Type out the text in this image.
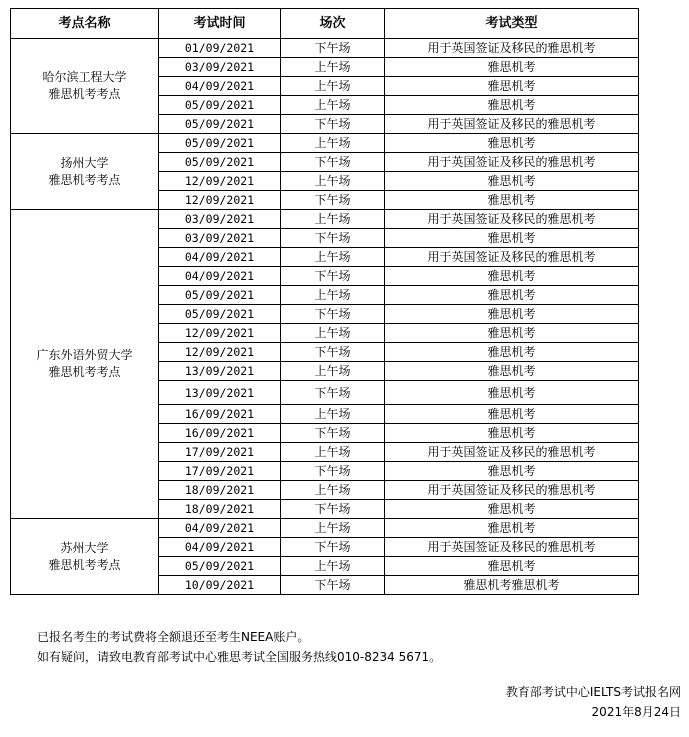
考点名称	考试时间	场次	考试类型

哈尔滨工程大学
雅思机考考点	01/09/2021	下午场	用于英国签证及移民的雅思机考
	03/09/2021	上午场	雅思机考
	04/09/2021	上午场	雅思机考
	05/09/2021	上午场	雅思机考
	05/09/2021	下午场	用于英国签证及移民的雅思机考

扬州大学
雅思机考考点	05/09/2021	上午场	雅思机考
	05/09/2021	下午场	用于英国签证及移民的雅思机考
	12/09/2021	上午场	雅思机考
	12/09/2021	下午场	雅思机考

广东外语外贸大学
雅思机考考点	03/09/2021	上午场	用于英国签证及移民的雅思机考
	03/09/2021	下午场	雅思机考
	04/09/2021	上午场	用于英国签证及移民的雅思机考
	04/09/2021	下午场	雅思机考
	05/09/2021	上午场	雅思机考
	05/09/2021	下午场	雅思机考
	12/09/2021	上午场	雅思机考
	12/09/2021	下午场	雅思机考
	13/09/2021	上午场	雅思机考
	13/09/2021	下午场	雅思机考
	16/09/2021	上午场	雅思机考
	16/09/2021	下午场	雅思机考
	17/09/2021	上午场	用于英国签证及移民的雅思机考
	17/09/2021	下午场	雅思机考
	18/09/2021	上午场	用于英国签证及移民的雅思机考
	18/09/2021	下午场	雅思机考

苏州大学
雅思机考考点	04/09/2021	上午场	雅思机考
	04/09/2021	下午场	用于英国签证及移民的雅思机考
	05/09/2021	上午场	雅思机考
	10/09/2021	下午场	雅思机考雅思机考
已报名考生的考试费将全额退还至考生NEEA账户。
如有疑问，请致电教育部考试中心雅思考试全国服务热线010-8234 5671。
教育部考试中心IELTS考试报名网
2021年8月24日
